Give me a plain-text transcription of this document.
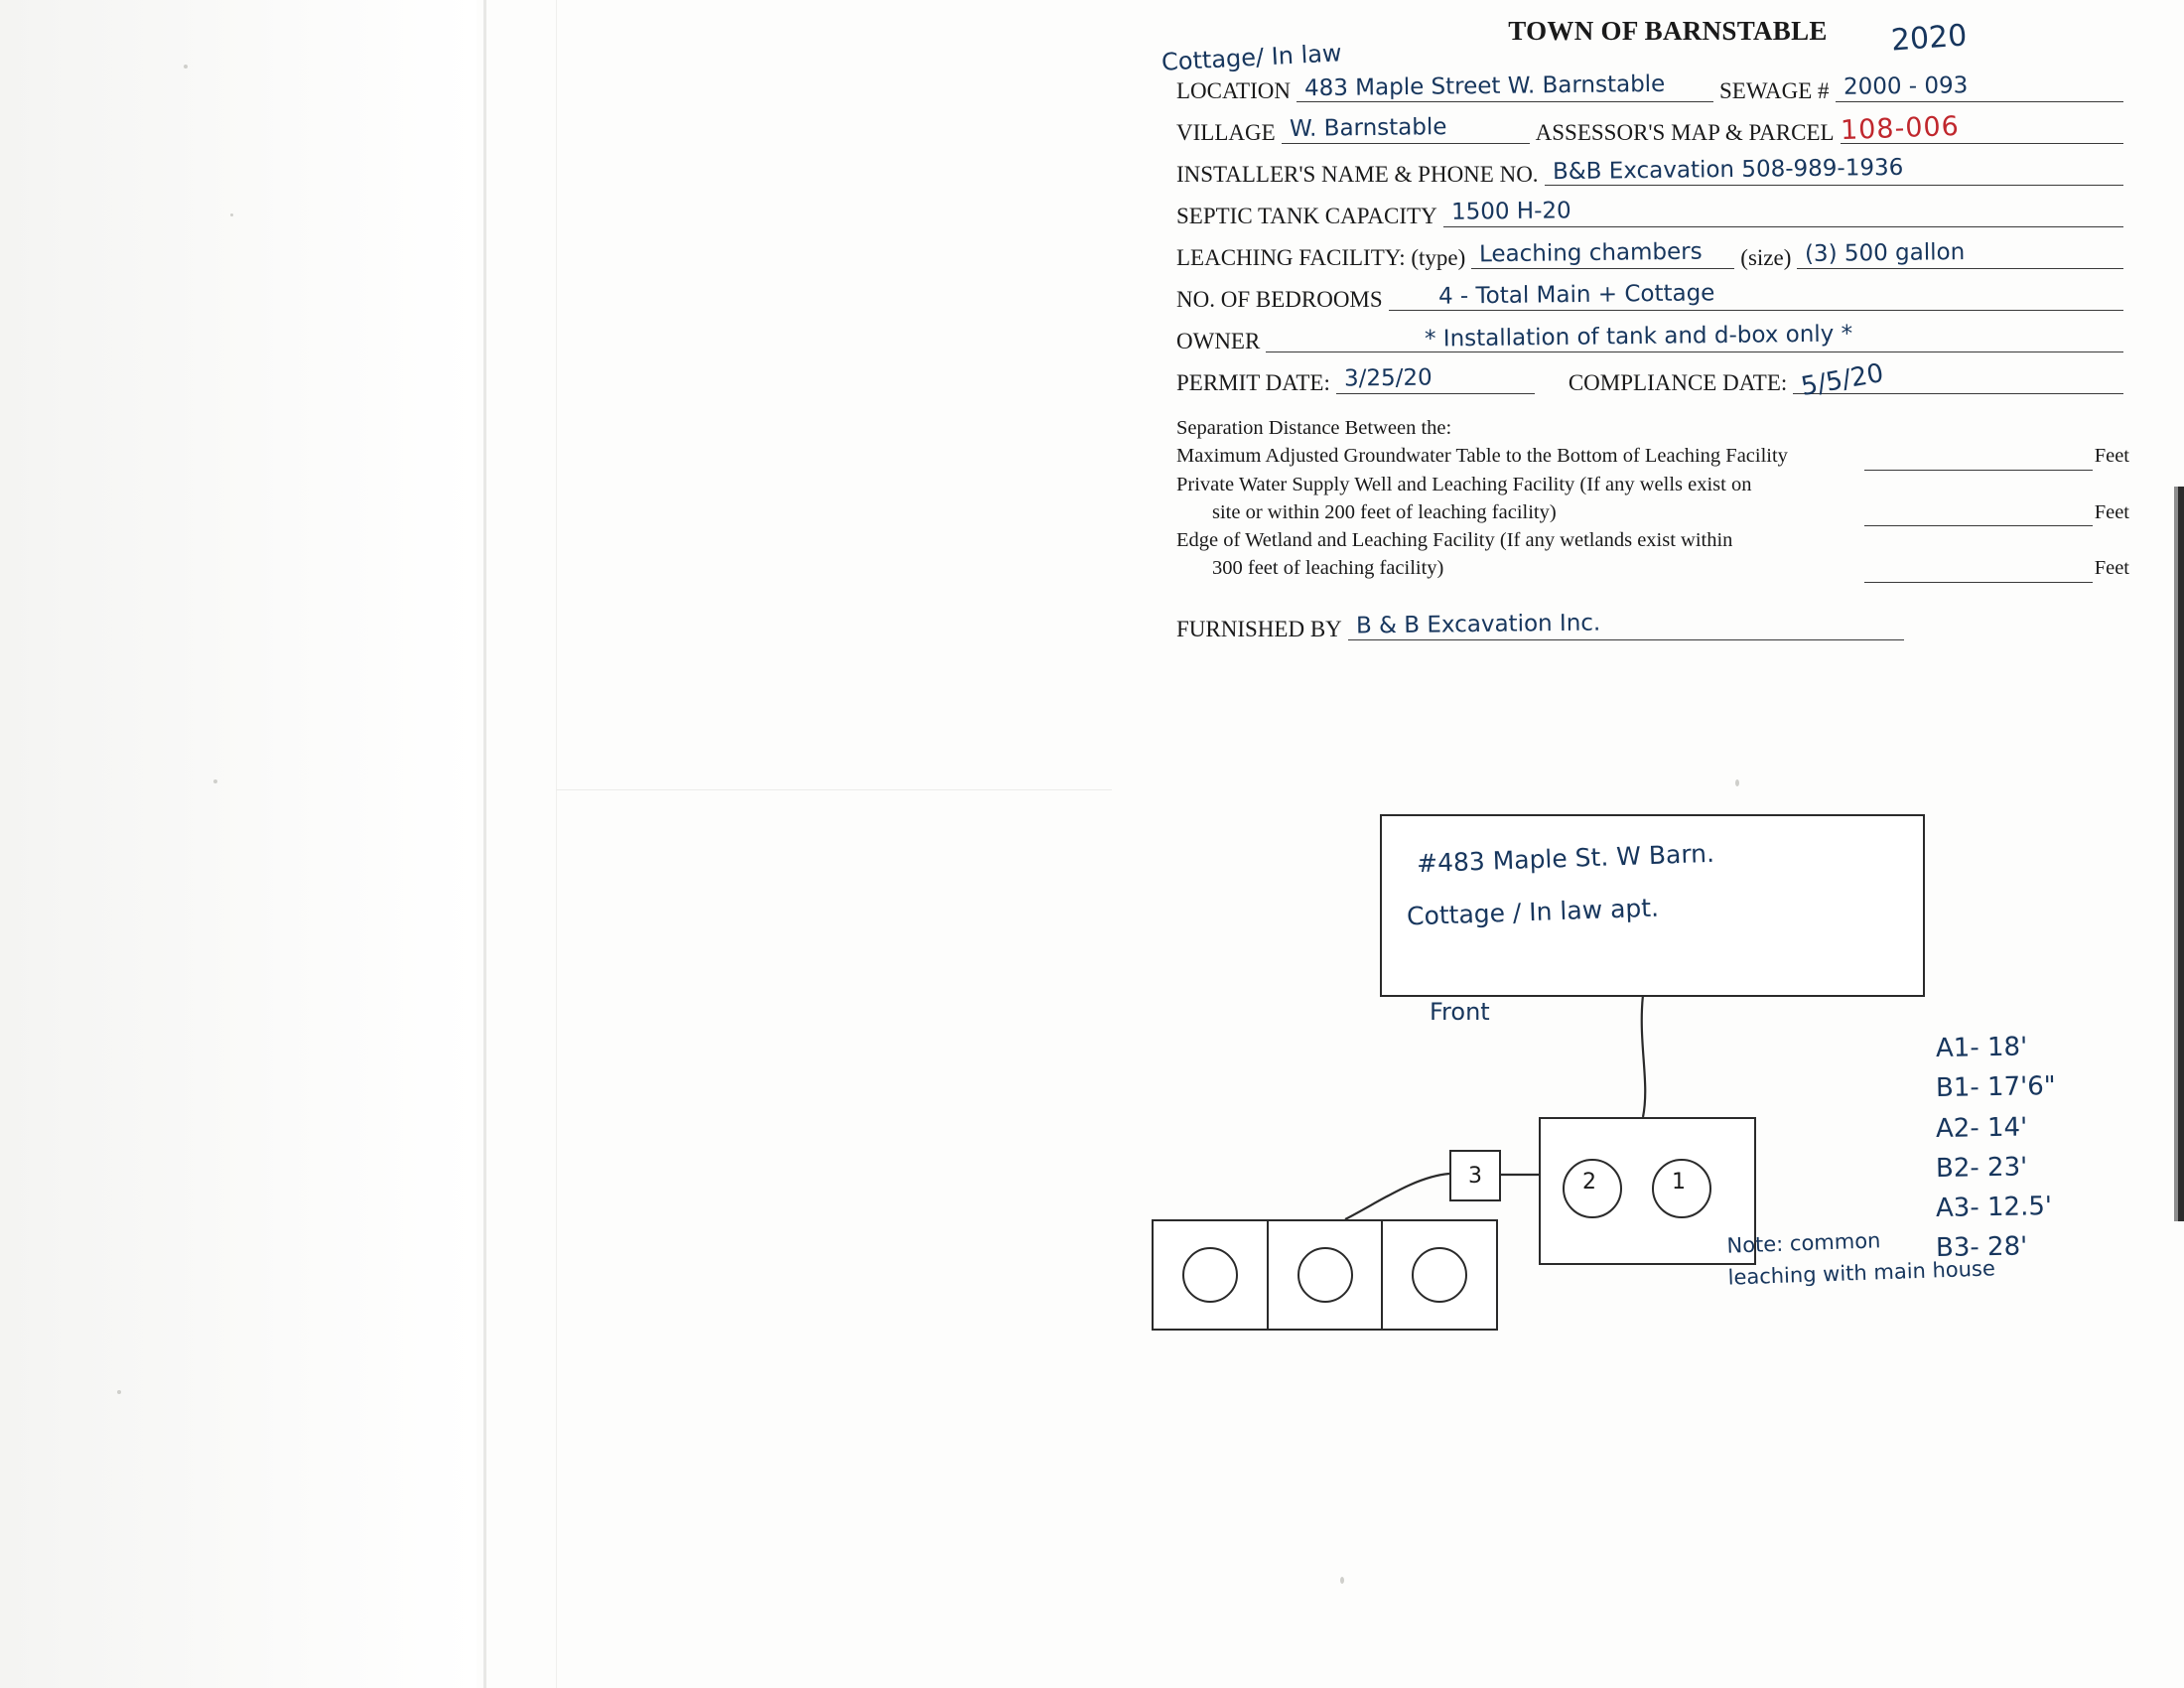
Cottage/ In law
TOWN OF BARNSTABLE	2020
LOCATION 483 Maple Street W. Barnstable SEWAGE # 2000 - 093
VILLAGE W. Barnstable	ASSESSOR'S MAP & PARCEL 108-006
INSTALLER'S NAME & PHONE NO. B&B Excavation 508-989-1936
SEPTIC TANK CAPACITY 1500 H-20
LEACHING FACILITY: (type) Leaching chambers (size) (3) 500 gallon
NO. OF BEDROOMS 4 - Total Main + Cottage
OWNER	* Installation of tank and d-box only *
PERMIT DATE: 3/25/20	COMPLIANCE DATE: 5/5/20
Separation Distance Between the:
Maximum Adjusted Groundwater Table to the Bottom of Leaching Facility	Feet
Private Water Supply Well and Leaching Facility (If any wells exist on
site or within 200 feet of leaching facility)	Feet
Edge of Wetland and Leaching Facility (If any wetlands exist within
300 feet of leaching facility)	Feet
FURNISHED BY B & B Excavation Inc.
#483 Maple St. W Barn.
Cottage / In law apt.
Front
2	1
3
A1- 18'
B1- 17'6"
A2- 14'
B2- 23'
A3- 12.5'
B3- 28'
Note: common
leaching with main house
